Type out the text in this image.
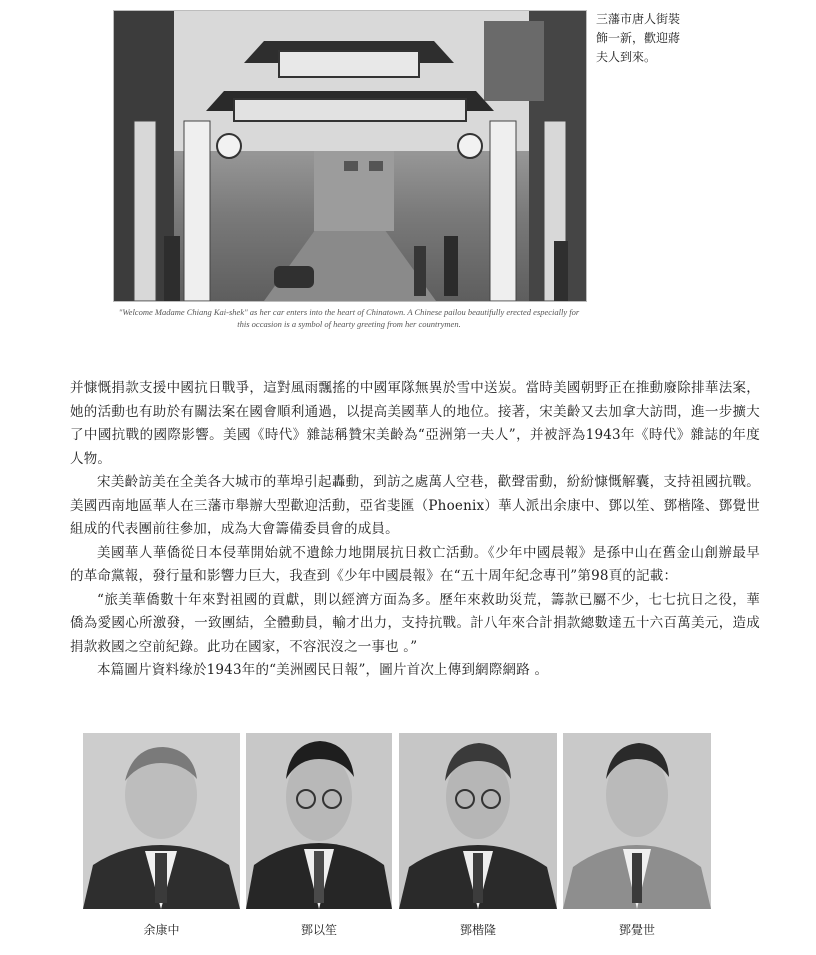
三藩市唐人街裝
飾一新，歡迎蔣
夫人到來。
"Welcome Madame Chiang Kai-shek" as her car enters into the heart of Chinatown. A Chinese pailou beautifully erected especially for this occasion is a symbol of hearty greeting from her countrymen.

并慷慨捐款支援中國抗日戰爭，這對風雨飄搖的中國軍隊無異於雪中送炭。當時美國朝野正在推動廢除排華法案，她的活動也有助於有關法案在國會順利通過，以提高美國華人的地位。接著，宋美齡又去加拿大訪問，進一步擴大了中國抗戰的國際影響。美國《時代》雜誌稱贊宋美齡為“亞洲第一夫人”，并被評為1943年《時代》雜誌的年度人物。

宋美齡訪美在全美各大城市的華埠引起轟動，到訪之處萬人空巷，歡聲雷動，紛紛慷慨解囊，支持祖國抗戰。美國西南地區華人在三藩市舉辦大型歡迎活動，亞省斐匯（Phoenix）華人派出余康中、鄧以笙、鄧楷隆、鄧覺世組成的代表團前往參加，成為大會籌備委員會的成員。

美國華人華僑從日本侵華開始就不遺餘力地開展抗日救亡活動。《少年中國晨報》是孫中山在舊金山創辦最早的革命黨報，發行量和影響力巨大，我查到《少年中國晨報》在“五十周年紀念專刊”第98頁的記載：

“旅美華僑數十年來對祖國的貢獻，則以經濟方面為多。歷年來救助災荒，籌款已屬不少，七七抗日之役，華僑為愛國心所激發，一致團結，全體動員，輸才出力，支持抗戰。計八年來合計捐款總數達五十六百萬美元，造成捐款救國之空前紀錄。此功在國家，不容泯沒之一事也 。”

本篇圖片資料缘於1943年的“美洲國民日報”，圖片首次上傳到網際網路 。

余康中	鄧以笙	鄧楷隆	鄧覺世
